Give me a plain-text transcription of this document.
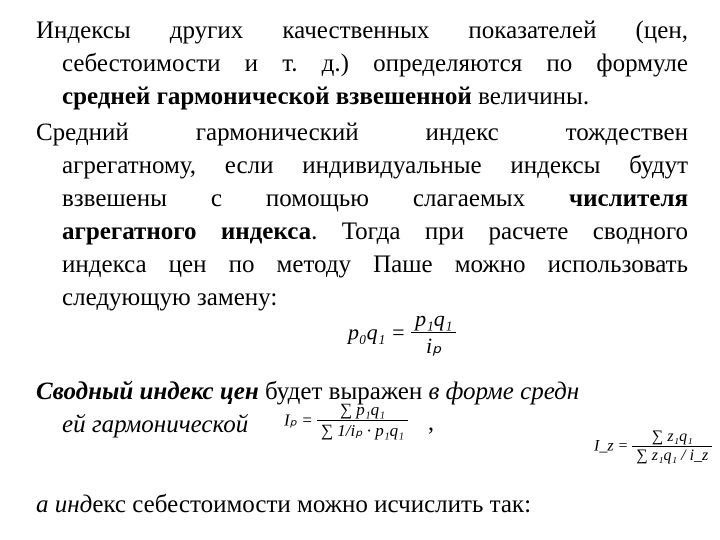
Индексы других качественных показателей (цен,
себестоимости и т. д.) определяются по формуле
средней гармонической взвешенной величины.
Средний гармонический индекс тождествен
агрегатному, если индивидуальные индексы будут
взвешены с помощью слагаемых числителя
агрегатного индекса. Тогда при расчете сводного
индекса цен по методу Паше можно использовать
следующую замену:
$p_0q_1 = \frac{\text{p₁q₁}}{\text{iₚ}}$
Сводный индекс цен будет выражен в форме средн
ей гармонической	,
$I_p = \frac{\text{∑ p₁q₁}}{\text{∑ 1/iₚ · p₁q₁}}$
I_z = $\frac{\text{∑ z₁q₁}}{\text{∑ z₁q₁ / i\_z}}$
а индекс себестоимости можно исчислить так:
